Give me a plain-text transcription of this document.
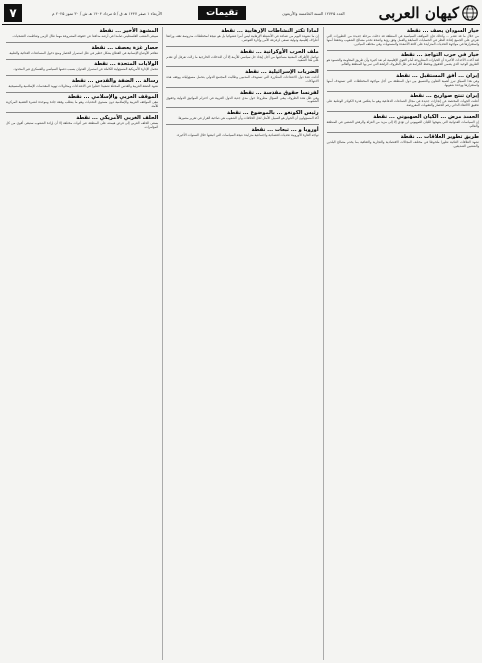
کیهان العربی
العدد ۱۲۷۴۵ السنة الخامسة والأربعون
تقیمات
الأربعاء ۱ صفر ۱۴۴۷ هـ ق / ۵ مرداد ۱۴۰۴ هـ ش / ۳۰ تموز ۲۰۲۵ م
۷
خيار السودان يصف ... نقطة
من خلال ما قد تقدم ... وكذلك فإن المواقف السياسية في المنطقة قد دخلت مرحلة جديدة من التطورات التي تفرض على الجميع إعادة النظر في الحسابات السابقة والعمل وفق رؤية واضحة تخدم مصالح الشعوب وتحفظ أمنها واستقرارها في مواجهة التحديات المتزايدة على كافة الأصعدة والمستويات وفي مختلف الميادين.
خيار في حرب التواجد ... نقطة
لقد أكدت الأحداث الأخيرة أن الخيارات المطروحة أمام القوى الإقليمية لم تعد كثيرة وأن طريق المقاومة والصمود هو الطريق الوحيد الذي يضمن الحقوق ويحفظ الكرامة في ظل الظروف الراهنة التي تمر بها المنطقة والعالم.
إيران ... أفق المستقبل ... نقطة
وفي هذا السياق تبرز أهمية التعاون والتنسيق بين دول المنطقة من أجل مواجهة المخططات التي تستهدف أمنها واستقرارها ووحدة شعوبها.
إيران تنتج صواريخ ... نقطة
أعلنت الجهات المختصة عن إنجازات جديدة في مجال الصناعات الدفاعية وهو ما يعكس قدرة الكوادر الوطنية على تحقيق الاكتفاء الذاتي رغم الحصار والعقوبات المفروضة.
الحسد مرض ... الكيان الصهيوني ... نقطة
إن السياسات العدوانية التي ينتهجها الكيان الصهيوني لن تؤدي إلا إلى مزيد من العزلة والرفض الشعبي في المنطقة والعالم.
طريق تطوير العلاقات ... نقطة
تشهد العلاقات الثنائية تطورا ملحوظا في مختلف المجالات الاقتصادية والتجارية والثقافية بما يخدم مصالح البلدين والشعبين الصديقين.
لماذا تكثر النشاطات الإرهابية ... نقطة
إن ما نشهده اليوم من تصاعد في الأنشطة الإرهابية ليس أمرا عشوائيا بل هو نتيجة لمخططات مدروسة تقف وراءها أطراف إقليمية ودولية تسعى لزعزعة الأمن وإثارة الفوضى.
ملف الحرب الأوكرانية ... نقطة
تواصل الأطراف المعنية مساعيها من أجل إيجاد حل سياسي للأزمة إلا أن التدخلات الخارجية ما زالت تعرقل أي تقدم على هذا الصعيد.
الضربات الإسرائيلية ... نقطة
أدانت عدة دول الاعتداءات المتكررة التي تستهدف المدنيين وطالبت المجتمع الدولي بتحمل مسؤولياته ووقف هذه الانتهاكات.
لفرنسا حقوق مقدسة ... نقطة
وفي ظل هذه الظروف يبقى السؤال مطروحا حول مدى جدية الدول الغربية في احترام المواثيق الدولية وحقوق الشعوب.
رئيس الكونغو ... بالموضوع ... نقطة
أكد المسؤولون أن الحوار هو السبيل الأمثل لحل الخلافات وأن الشعوب هي صاحبة القرار في تقرير مصيرها.
أوروبا و ... تبعات ... نقطة
تواجه القارة الأوروبية تحديات اقتصادية واجتماعية متزايدة نتيجة السياسات التي اتبعتها خلال السنوات الأخيرة.
المشهد الأخير ... نقطة
سيبقى الشعب الفلسطيني صامدا في أرضه مدافعا عن حقوقه المشروعة مهما طال الزمن وتعاظمت التضحيات.
حصار غزة يعصف ... نقطة
تتفاقم الأوضاع الإنسانية في القطاع بشكل خطير في ظل استمرار الحصار ومنع دخول المساعدات الغذائية والطبية.
الولايات المتحدة ... نقطة
تتحمل الإدارة الأمريكية المسؤولية الكاملة عن استمرار العدوان بسبب دعمها السياسي والعسكري غير المحدود.
رسالة ... الضفة والقدس ... نقطة
تشهد الضفة الغربية والقدس المحتلة تصعيدا خطيرا في الاعتداءات ومحاولات تهويد المقدسات الإسلامية والمسيحية.
الموقف العربي والإسلامي ... نقطة
تبقى المواقف العربية والإسلامية دون مستوى التحديات وهو ما يتطلب وقفة جادة وموحدة لنصرة القضية المركزية للأمة.
الحلف الغربي الأمريكي ... نقطة
يسعى الحلف الغربي إلى فرض هيمنته على المنطقة عبر أدوات مختلفة إلا أن إرادة الشعوب ستبقى أقوى من كل المؤامرات.
